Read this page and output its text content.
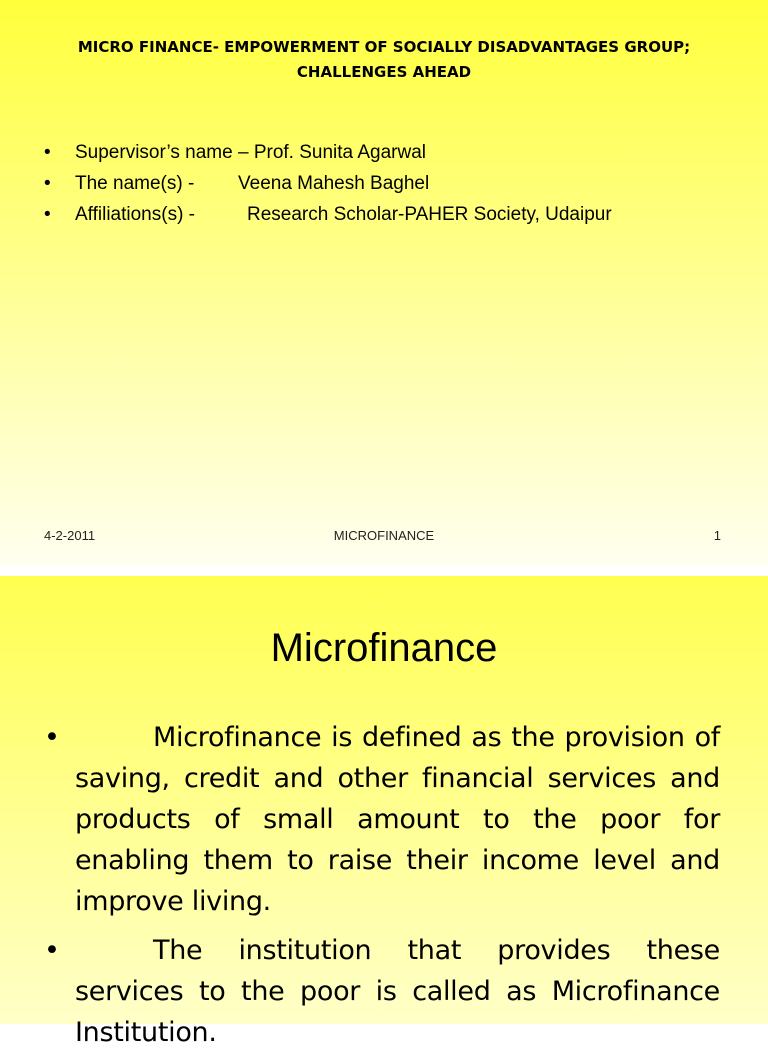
MICRO FINANCE- EMPOWERMENT OF SOCIALLY DISADVANTAGES GROUP;
CHALLENGES AHEAD
•	Supervisor’s name – Prof. Sunita Agarwal
•	The name(s) -	Veena Mahesh Baghel
•	Affiliations(s) -	Research Scholar-PAHER Society, Udaipur
4-2-2011	MICROFINANCE	1
Microfinance
•	Microfinance is defined as the provision of saving, credit and other financial services and products of small amount to the poor for enabling them to raise their income level and improve living.
•	The institution that provides these services to the poor is called as Microfinance Institution.
